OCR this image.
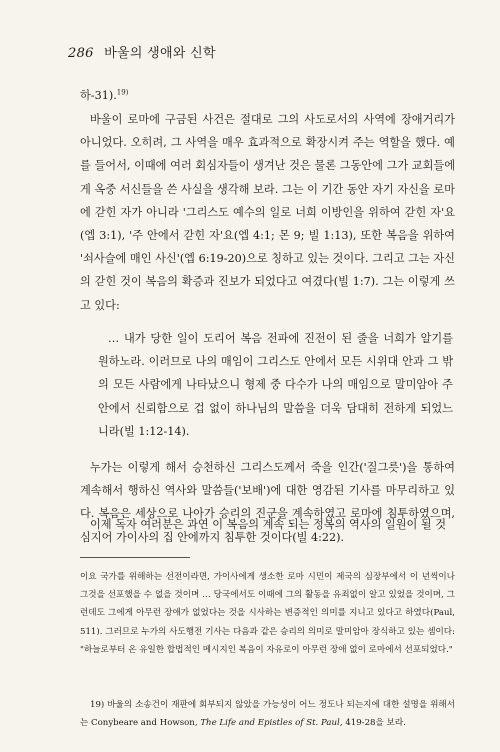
286 바울의 생애와 신학
하-31).$^{19)}$
바울이 로마에 구금된 사건은 절대로 그의 사도로서의 사역에 장애거리가 아니었다. 오히려, 그 사역을 매우 효과적으로 확장시켜 주는 역할을 했다. 예를 들어서, 이때에 여러 회심자들이 생겨난 것은 물론 그동안에 그가 교회들에게 옥중 서신들을 쓴 사실을 생각해 보라. 그는 이 기간 동안 자기 자신을 로마에 갇힌 자가 아니라 '그리스도 예수의 일로 너희 이방인을 위하여 갇힌 자'요(엡 3:1), '주 안에서 갇힌 자'요(엡 4:1; 몬 9; 빌 1:13), 또한 복음을 위하여 '쇠사슬에 매인 사신'(엡 6:19-20)으로 칭하고 있는 것이다. 그리고 그는 자신의 갇힌 것이 복음의 확증과 진보가 되었다고 여겼다(빌 1:7). 그는 이렇게 쓰고 있다:
… 내가 당한 일이 도리어 복음 전파에 진전이 된 줄을 너희가 알기를 원하노라. 이러므로 나의 매임이 그리스도 안에서 모든 시위대 안과 그 밖의 모든 사람에게 나타났으니 형제 중 다수가 나의 매임으로 말미암아 주 안에서 신뢰함으로 겁 없이 하나님의 말씀을 더욱 담대히 전하게 되었느니라(빌 1:12-14).
누가는 이렇게 해서 승천하신 그리스도께서 죽을 인간('질그릇')을 통하여 계속해서 행하신 역사와 말씀들('보배')에 대한 영감된 기사를 마무리하고 있다. 복음은 세상으로 나아가 승리의 진군을 계속하였고 로마에 침투하였으며, 심지어 가이사의 집 안에까지 침투한 것이다(빌 4:22).
이제 독자 여러분은 과연 이 복음의 계속 되는 정복의 역사의 일원이 될 것
이요 국가를 위해하는 선전이라면, 가이사에게 생소한 로마 시민이 제국의 심장부에서 이 년씩이나 그것을 선포했을 수 없을 것이며 … 당국에서도 이때에 그의 활동을 유죄없이 알고 있었을 것이며, 그런데도 그에게 아무런 장애가 없었다는 것을 시사하는 변증적인 의미를 지니고 있다고 하였다(Paul, 511). 그러므로 누가의 사도행전 기사는 다음과 같은 승리의 의미로 말미암아 장식하고 있는 셈이다: "하늘로부터 온 유일한 합법적인 메시지인 복음이 자유로이 아무런 장애 없이 로마에서 선포되었다."
19) 바울의 소송건이 재판에 회부되지 않았을 가능성이 어느 정도나 되는지에 대한 설명을 위해서는 Conybeare and Howson, The Life and Epistles of St. Paul, 419-28을 보라.
